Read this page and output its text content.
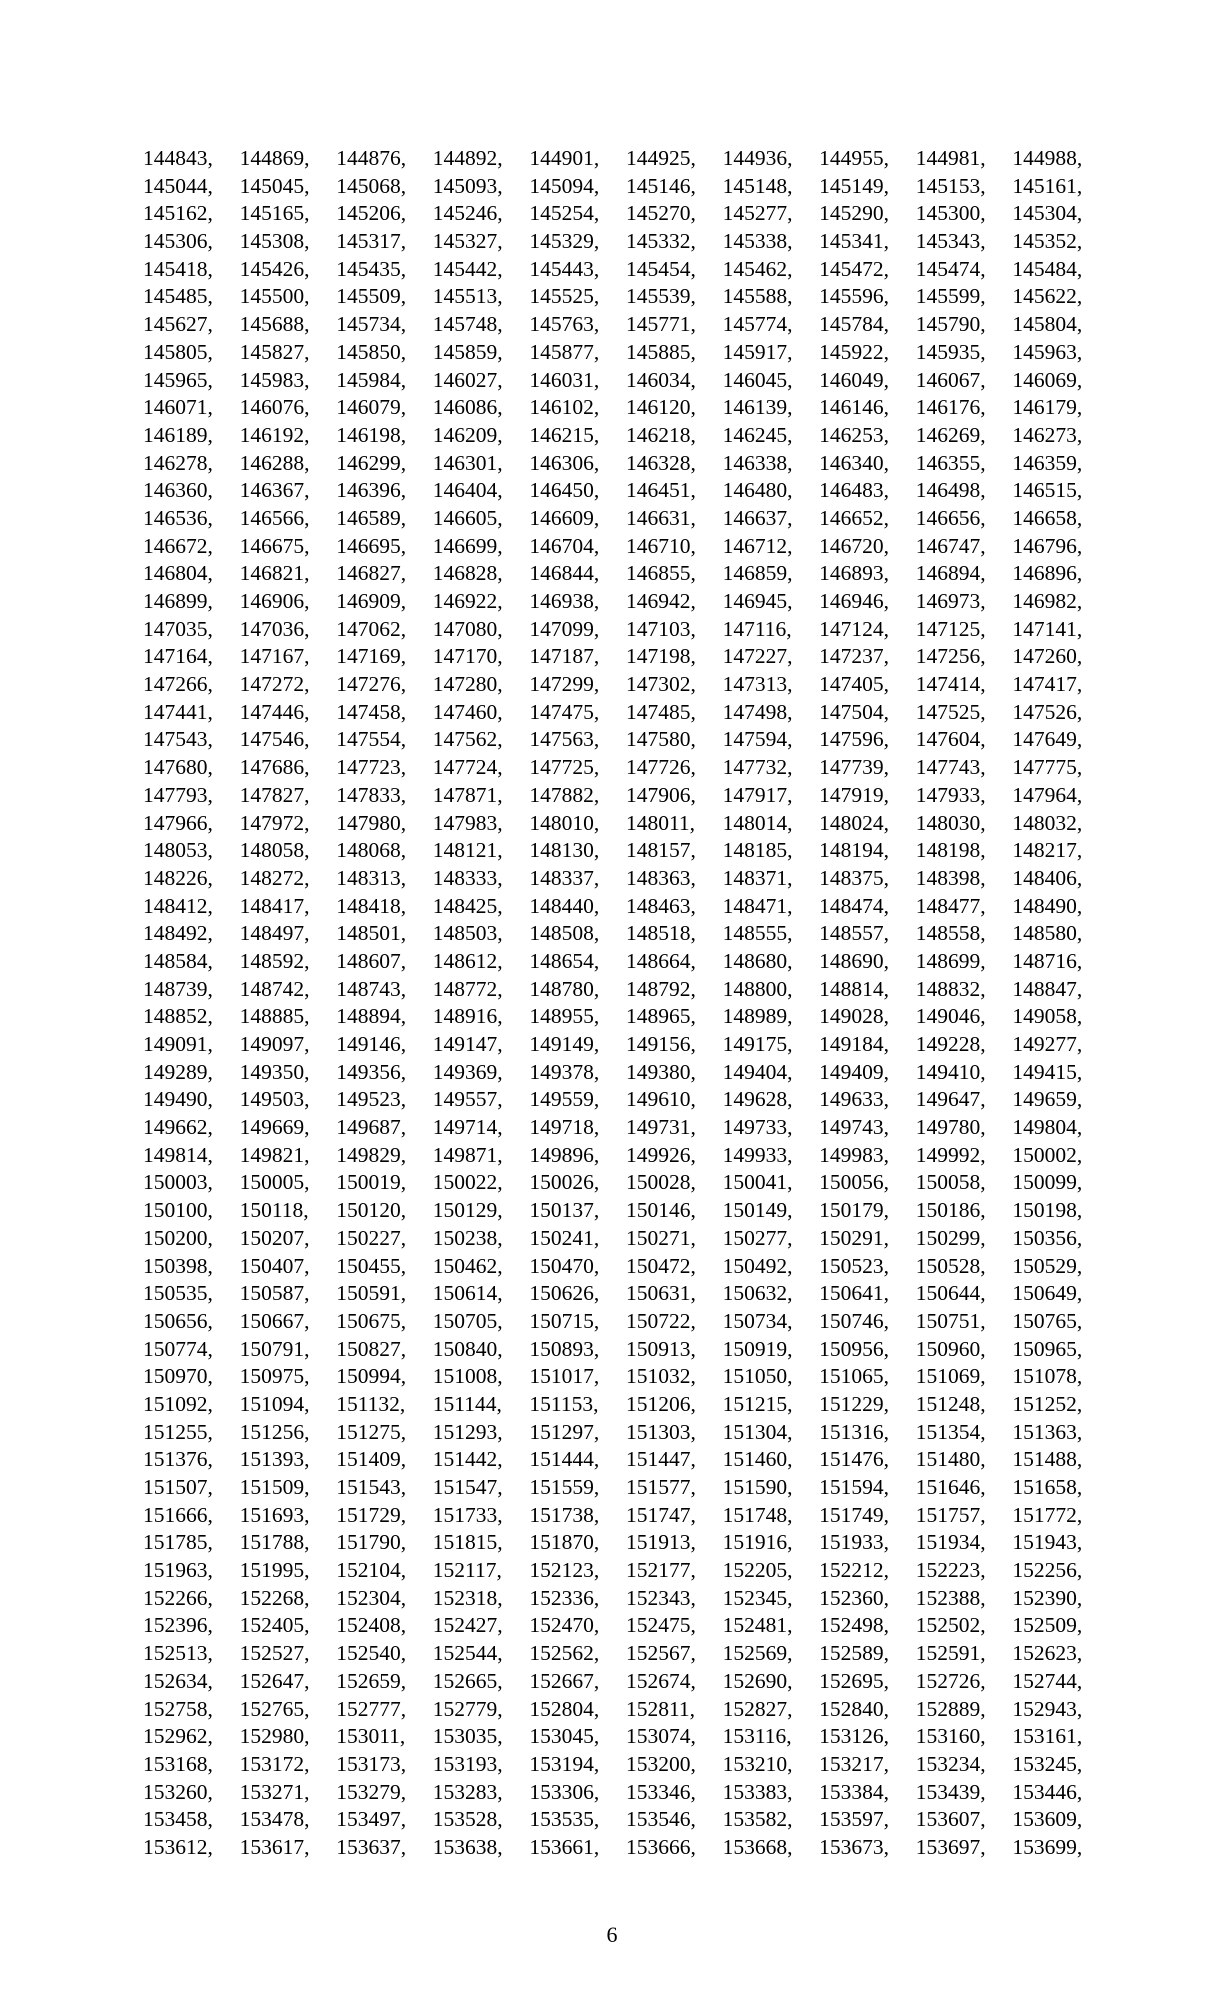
144843,	144869,	144876,	144892,	144901,	144925,	144936,	144955,	144981,	144988,
145044,	145045,	145068,	145093,	145094,	145146,	145148,	145149,	145153,	145161,
145162,	145165,	145206,	145246,	145254,	145270,	145277,	145290,	145300,	145304,
145306,	145308,	145317,	145327,	145329,	145332,	145338,	145341,	145343,	145352,
145418,	145426,	145435,	145442,	145443,	145454,	145462,	145472,	145474,	145484,
145485,	145500,	145509,	145513,	145525,	145539,	145588,	145596,	145599,	145622,
145627,	145688,	145734,	145748,	145763,	145771,	145774,	145784,	145790,	145804,
145805,	145827,	145850,	145859,	145877,	145885,	145917,	145922,	145935,	145963,
145965,	145983,	145984,	146027,	146031,	146034,	146045,	146049,	146067,	146069,
146071,	146076,	146079,	146086,	146102,	146120,	146139,	146146,	146176,	146179,
146189,	146192,	146198,	146209,	146215,	146218,	146245,	146253,	146269,	146273,
146278,	146288,	146299,	146301,	146306,	146328,	146338,	146340,	146355,	146359,
146360,	146367,	146396,	146404,	146450,	146451,	146480,	146483,	146498,	146515,
146536,	146566,	146589,	146605,	146609,	146631,	146637,	146652,	146656,	146658,
146672,	146675,	146695,	146699,	146704,	146710,	146712,	146720,	146747,	146796,
146804,	146821,	146827,	146828,	146844,	146855,	146859,	146893,	146894,	146896,
146899,	146906,	146909,	146922,	146938,	146942,	146945,	146946,	146973,	146982,
147035,	147036,	147062,	147080,	147099,	147103,	147116,	147124,	147125,	147141,
147164,	147167,	147169,	147170,	147187,	147198,	147227,	147237,	147256,	147260,
147266,	147272,	147276,	147280,	147299,	147302,	147313,	147405,	147414,	147417,
147441,	147446,	147458,	147460,	147475,	147485,	147498,	147504,	147525,	147526,
147543,	147546,	147554,	147562,	147563,	147580,	147594,	147596,	147604,	147649,
147680,	147686,	147723,	147724,	147725,	147726,	147732,	147739,	147743,	147775,
147793,	147827,	147833,	147871,	147882,	147906,	147917,	147919,	147933,	147964,
147966,	147972,	147980,	147983,	148010,	148011,	148014,	148024,	148030,	148032,
148053,	148058,	148068,	148121,	148130,	148157,	148185,	148194,	148198,	148217,
148226,	148272,	148313,	148333,	148337,	148363,	148371,	148375,	148398,	148406,
148412,	148417,	148418,	148425,	148440,	148463,	148471,	148474,	148477,	148490,
148492,	148497,	148501,	148503,	148508,	148518,	148555,	148557,	148558,	148580,
148584,	148592,	148607,	148612,	148654,	148664,	148680,	148690,	148699,	148716,
148739,	148742,	148743,	148772,	148780,	148792,	148800,	148814,	148832,	148847,
148852,	148885,	148894,	148916,	148955,	148965,	148989,	149028,	149046,	149058,
149091,	149097,	149146,	149147,	149149,	149156,	149175,	149184,	149228,	149277,
149289,	149350,	149356,	149369,	149378,	149380,	149404,	149409,	149410,	149415,
149490,	149503,	149523,	149557,	149559,	149610,	149628,	149633,	149647,	149659,
149662,	149669,	149687,	149714,	149718,	149731,	149733,	149743,	149780,	149804,
149814,	149821,	149829,	149871,	149896,	149926,	149933,	149983,	149992,	150002,
150003,	150005,	150019,	150022,	150026,	150028,	150041,	150056,	150058,	150099,
150100,	150118,	150120,	150129,	150137,	150146,	150149,	150179,	150186,	150198,
150200,	150207,	150227,	150238,	150241,	150271,	150277,	150291,	150299,	150356,
150398,	150407,	150455,	150462,	150470,	150472,	150492,	150523,	150528,	150529,
150535,	150587,	150591,	150614,	150626,	150631,	150632,	150641,	150644,	150649,
150656,	150667,	150675,	150705,	150715,	150722,	150734,	150746,	150751,	150765,
150774,	150791,	150827,	150840,	150893,	150913,	150919,	150956,	150960,	150965,
150970,	150975,	150994,	151008,	151017,	151032,	151050,	151065,	151069,	151078,
151092,	151094,	151132,	151144,	151153,	151206,	151215,	151229,	151248,	151252,
151255,	151256,	151275,	151293,	151297,	151303,	151304,	151316,	151354,	151363,
151376,	151393,	151409,	151442,	151444,	151447,	151460,	151476,	151480,	151488,
151507,	151509,	151543,	151547,	151559,	151577,	151590,	151594,	151646,	151658,
151666,	151693,	151729,	151733,	151738,	151747,	151748,	151749,	151757,	151772,
151785,	151788,	151790,	151815,	151870,	151913,	151916,	151933,	151934,	151943,
151963,	151995,	152104,	152117,	152123,	152177,	152205,	152212,	152223,	152256,
152266,	152268,	152304,	152318,	152336,	152343,	152345,	152360,	152388,	152390,
152396,	152405,	152408,	152427,	152470,	152475,	152481,	152498,	152502,	152509,
152513,	152527,	152540,	152544,	152562,	152567,	152569,	152589,	152591,	152623,
152634,	152647,	152659,	152665,	152667,	152674,	152690,	152695,	152726,	152744,
152758,	152765,	152777,	152779,	152804,	152811,	152827,	152840,	152889,	152943,
152962,	152980,	153011,	153035,	153045,	153074,	153116,	153126,	153160,	153161,
153168,	153172,	153173,	153193,	153194,	153200,	153210,	153217,	153234,	153245,
153260,	153271,	153279,	153283,	153306,	153346,	153383,	153384,	153439,	153446,
153458,	153478,	153497,	153528,	153535,	153546,	153582,	153597,	153607,	153609,
153612,	153617,	153637,	153638,	153661,	153666,	153668,	153673,	153697,	153699,
6
